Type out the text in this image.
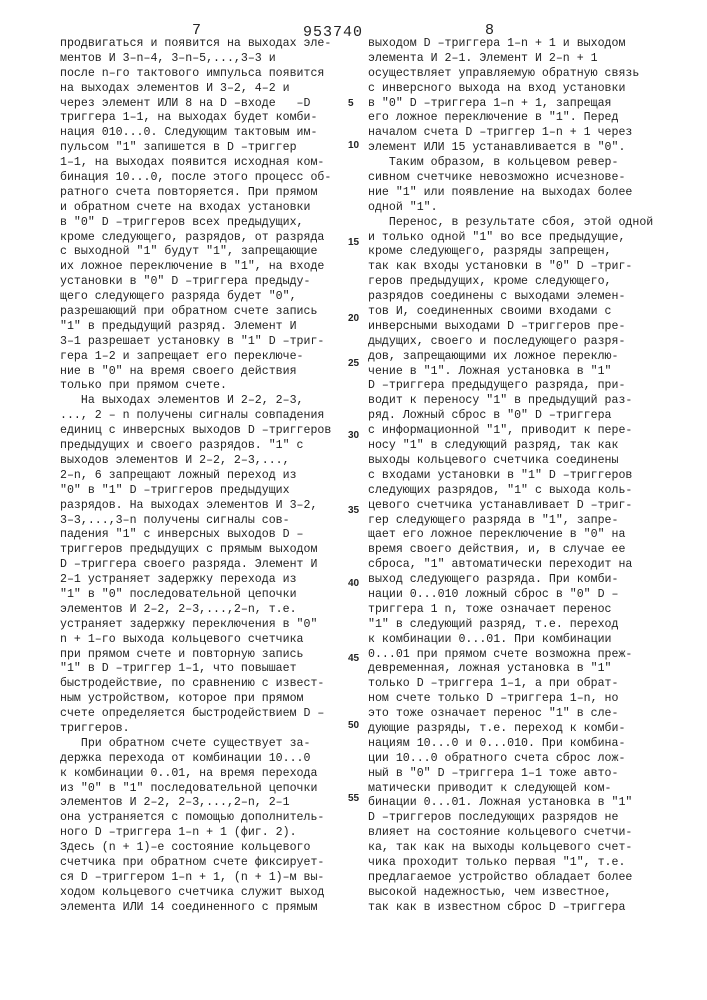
7	953740	8
продвигаться и появится на выходах эле-
ментов И 3–n–4, 3–n–5,...,3–3 и
после n–го тактового импульса появится
на выходах элементов И 3–2, 4–2 и
через элемент ИЛИ 8 на D –входе   –D
триггера 1–1, на выходах будет комби-
нация 010...0. Следующим тактовым им-
пульсом "1" запишется в D –триггер
1–1, на выходах появится исходная ком-
бинация 10...0, после этого процесс об-
ратного счета повторяется. При прямом
и обратном счете на входах установки
в "0" D –триггеров всех предыдущих,
кроме следующего, разрядов, от разряда
с выходной "1" будут "1", запрещающие
их ложное переключение в "1", на входе
установки в "0" D –триггера предыду-
щего следующего разряда будет "0",
разрешающий при обратном счете запись
"1" в предыдущий разряд. Элемент И
3–1 разрешает установку в "1" D –триг-
гера 1–2 и запрещает его переключе-
ние в "0" на время своего действия
только при прямом счете.
На выходах элементов И 2–2, 2–3,
..., 2 – n получены сигналы совпадения
единиц с инверсных выходов D –триггеров
предыдущих и своего разрядов. "1" с
выходов элементов И 2–2, 2–3,...,
2–n, 6 запрещают ложный переход из
"0" в "1" D –триггеров предыдущих
разрядов. На выходах элементов И 3–2,
3–3,...,3–n получены сигналы сов-
падения "1" с инверсных выходов D –
триггеров предыдущих с прямым выходом
D –триггера своего разряда. Элемент И
2–1 устраняет задержку перехода из
"1" в "0" последовательной цепочки
элементов И 2–2, 2–3,...,2–n, т.е.
устраняет задержку переключения в "0"
n + 1–го выхода кольцевого счетчика
при прямом счете и повторную запись
"1" в D –триггер 1–1, что повышает
быстродействие, по сравнению с извест-
ным устройством, которое при прямом
счете определяется быстродействием D –
триггеров.
При обратном счете существует за-
держка перехода от комбинации 10...0
к комбинации 0..01, на время перехода
из "0" в "1" последовательной цепочки
элементов И 2–2, 2–3,...,2–n, 2–1
она устраняется с помощью дополнитель-
ного D –триггера 1–n + 1 (фиг. 2).
Здесь (n + 1)–е состояние кольцевого
счетчика при обратном счете фиксирует-
ся D –триггером 1–n + 1, (n + 1)–м вы-
ходом кольцевого счетчика служит выход
элемента ИЛИ 14 соединенного с прямым
выходом D –триггера 1–n + 1 и выходом
элемента И 2–1. Элемент И 2–n + 1
осуществляет управляемую обратную связь
с инверсного выхода на вход установки
в "0" D –триггера 1–n + 1, запрещая
его ложное переключение в "1". Перед
началом счета D –триггер 1–n + 1 через
элемент ИЛИ 15 устанавливается в "0".
Таким образом, в кольцевом ревер-
сивном счетчике невозможно исчезнове-
ние "1" или появление на выходах более
одной "1".
Перенос, в результате сбоя, этой одной
и только одной "1" во все предыдущие,
кроме следующего, разряды запрещен,
так как входы установки в "0" D –триг-
геров предыдущих, кроме следующего,
разрядов соединены с выходами элемен-
тов И, соединенных своими входами с
инверсными выходами D –триггеров пре-
дыдущих, своего и последующего разря-
дов, запрещающими их ложное переклю-
чение в "1". Ложная установка в "1"
D –триггера предыдущего разряда, при-
водит к переносу "1" в предыдущий раз-
ряд. Ложный сброс в "0" D –триггера
с информационной "1", приводит к пере-
носу "1" в следующий разряд, так как
выходы кольцевого счетчика соединены
с входами установки в "1" D –триггеров
следующих разрядов, "1" с выхода коль-
цевого счетчика устанавливает D –триг-
гер следующего разряда в "1", запре-
щает его ложное переключение в "0" на
время своего действия, и, в случае ее
сброса, "1" автоматически переходит на
выход следующего разряда. При комби-
нации 0...010 ложный сброс в "0" D –
триггера 1 n, тоже означает перенос
"1" в следующий разряд, т.е. переход
к комбинации 0...01. При комбинации
0...01 при прямом счете возможна преж-
девременная, ложная установка в "1"
только D –триггера 1–1, а при обрат-
ном счете только D –триггера 1–n, но
это тоже означает перенос "1" в сле-
дующие разряды, т.е. переход к комби-
нациям 10...0 и 0...010. При комбина-
ции 10...0 обратного счета сброс лож-
ный в "0" D –триггера 1–1 тоже авто-
матически приводит к следующей ком-
бинации 0...01. Ложная установка в "1"
D –триггеров последующих разрядов не
влияет на состояние кольцевого счетчи-
ка, так как на выходы кольцевого счет-
чика проходит только первая "1", т.е.
предлагаемое устройство обладает более
высокой надежностью, чем известное,
так как в известном сброс D –триггера
5
10
15
20
25
30
35
40
45
50
55
